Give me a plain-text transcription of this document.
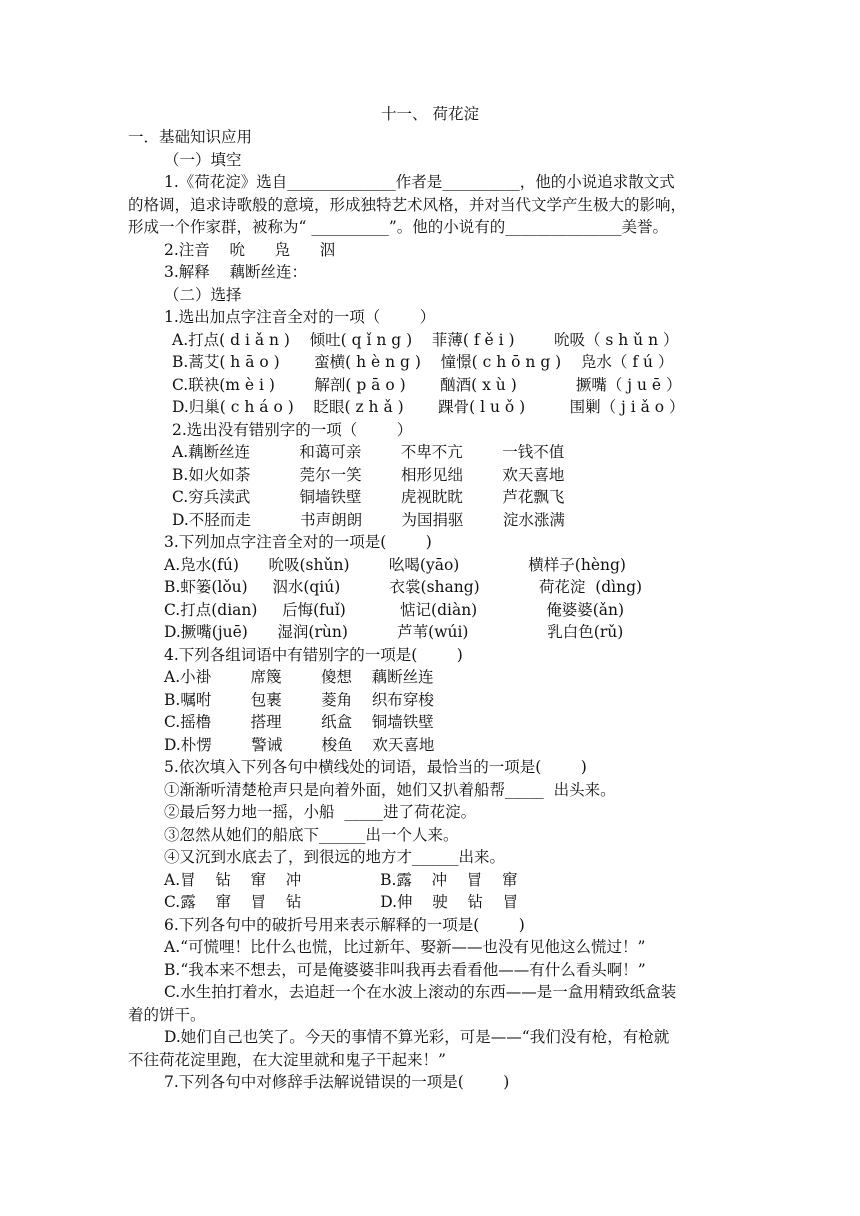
十一、 荷花淀
一．基础知识应用
（一）填空
1.《荷花淀》选自______________作者是__________，他的小说追求散文式
的格调，追求诗歌般的意境，形成独特艺术风格，并对当代文学产生极大的影响，
形成一个作家群，被称为“ __________”。他的小说有的_______________美誉。
2.注音    吮      凫      泅
3.解释    藕断丝连：
（二）选择
1.选出加点字注音全对的一项（        ）
A.打点( d i ǎ n )    倾吐( q ǐ n g )    菲薄( f ě i )        吮吸（ s h ǔ n ）
B.蒿艾( h ā o )       蛮横( h è n g )    憧憬( c h ō n g )    凫水（ f ú ）
C.联袂(m è i )        解剖( p ā o )       酗酒( x ù )            撅嘴（ j u ē ）
D.归巢( c h á o )    眨眼( z h ǎ )       踝骨( l u ǒ )         围剿（ j i ǎ o ）
2.选出没有错别字的一项（        ）
A.藕断丝连          和蔼可亲        不卑不亢        一钱不值
B.如火如荼          莞尔一笑        相形见绌        欢天喜地
C.穷兵渎武          铜墙铁壁        虎视眈眈        芦花飘飞
D.不胫而走          书声朗朗        为国捐驱        淀水涨满
3.下列加点字注音全对的一项是(        )
A.凫水(fú)      吮吸(shǔn)        吆喝(yāo)              横样子(hèng)
B.虾篓(lǒu)     泅水(qiú)          衣裳(shang)            荷花淀  (dìng)
C.打点(dian)     后悔(fuǐ)           惦记(diàn)              俺婆婆(ǎn)
D.撅嘴(juē)      湿润(rùn)          芦苇(wúi)                乳白色(rǔ)
4.下列各组词语中有错别字的一项是(        )
A.小褂        席篾        傻想    藕断丝连
B.嘱咐        包裹        菱角    织布穿梭
C.摇橹        搭理        纸盒    铜墙铁壁
D.朴愣        警诫        梭鱼    欢天喜地
5.依次填入下列各句中横线处的词语，最恰当的一项是(        )
①渐渐听清楚枪声只是向着外面，她们又扒着船帮_____  出头来。
②最后努力地一摇，小船  _____进了荷花淀。
③忽然从她们的船底下______出一个人来。
④又沉到水底去了，到很远的地方才______出来。
A.冒    钻    窜    冲                B.露    冲    冒    窜
C.露    窜    冒    钻                D.伸    驶    钻    冒
6.下列各句中的破折号用来表示解释的一项是(        )
A.“可慌哩！比什么也慌，比过新年、娶新——也没有见他这么慌过！”
B.“我本来不想去，可是俺婆婆非叫我再去看看他——有什么看头啊！”
C.水生拍打着水，去追赶一个在水波上滚动的东西——是一盒用精致纸盒装
着的饼干。
D.她们自己也笑了。今天的事情不算光彩，可是——“我们没有枪，有枪就
不往荷花淀里跑，在大淀里就和鬼子干起来！”
7.下列各句中对修辞手法解说错误的一项是(        )
